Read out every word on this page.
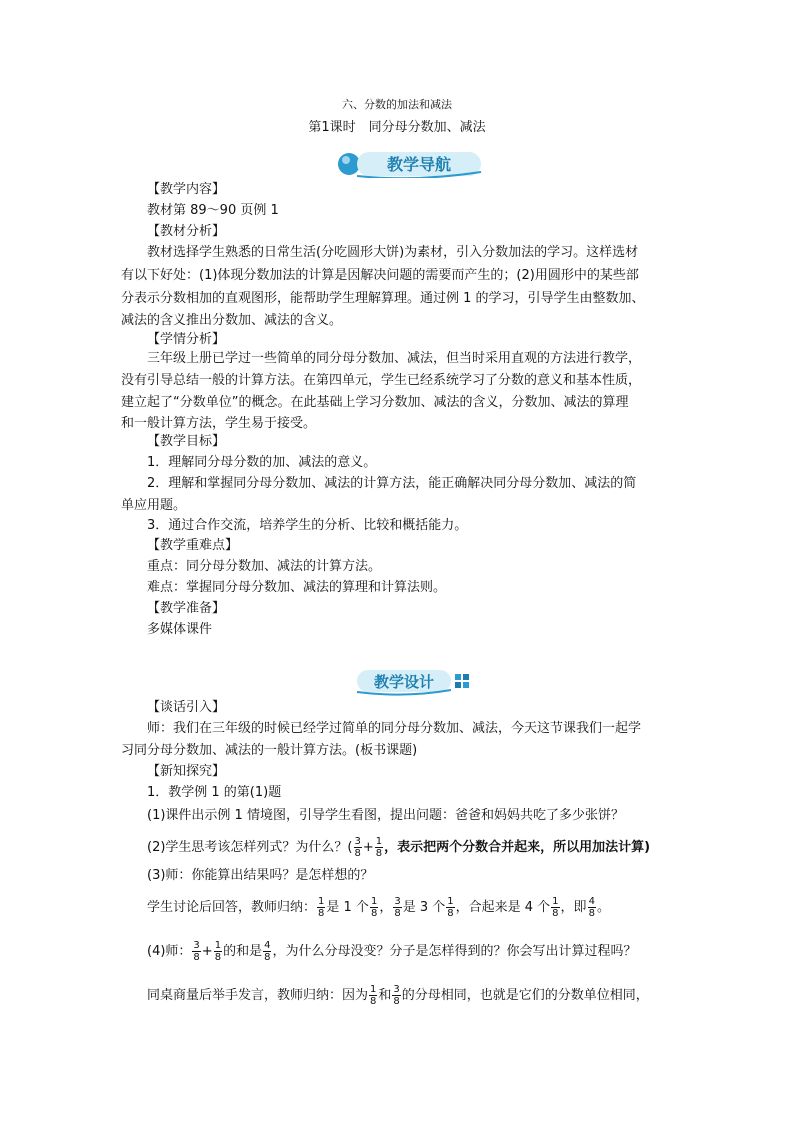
六、分数的加法和减法
第1课时　同分母分数加、减法
教学导航
【教学内容】
教材第 89～90 页例 1
【教材分析】
教材选择学生熟悉的日常生活(分吃圆形大饼)为素材，引入分数加法的学习。这样选材
有以下好处：(1)体现分数加法的计算是因解决问题的需要而产生的；(2)用圆形中的某些部
分表示分数相加的直观图形，能帮助学生理解算理。通过例 1 的学习，引导学生由整数加、
减法的含义推出分数加、减法的含义。
【学情分析】
三年级上册已学过一些简单的同分母分数加、减法，但当时采用直观的方法进行教学，
没有引导总结一般的计算方法。在第四单元，学生已经系统学习了分数的意义和基本性质，
建立起了“分数单位”的概念。在此基础上学习分数加、减法的含义，分数加、减法的算理
和一般计算方法，学生易于接受。
【教学目标】
1．理解同分母分数的加、减法的意义。
2．理解和掌握同分母分数加、减法的计算方法，能正确解决同分母分数加、减法的简
单应用题。
3．通过合作交流，培养学生的分析、比较和概括能力。
【教学重难点】
重点：同分母分数加、减法的计算方法。
难点：掌握同分母分数加、减法的算理和计算法则。
【教学准备】
多媒体课件
教学设计
【谈话引入】
师：我们在三年级的时候已经学过简单的同分母分数加、减法，今天这节课我们一起学
习同分母分数加、减法的一般计算方法。(板书课题)
【新知探究】
1．教学例 1 的第(1)题
(1)课件出示例 1 情境图，引导学生看图，提出问题：爸爸和妈妈共吃了多少张饼？
(2)学生思考该怎样列式？为什么？( $\frac{3}{8} + \frac{1}{8}$ ，表示把两个分数合并起来，所以用加法计算)
(3)师：你能算出结果吗？是怎样想的？
学生讨论后回答，教师归纳： $\frac{1}{8}$ 是 1 个 $\frac{1}{8}$ ， $\frac{3}{8}$ 是 3 个 $\frac{1}{8}$ ，合起来是 4 个 $\frac{1}{8}$ ，即 $\frac{4}{8}$ 。
(4)师： $\frac{3}{8} + \frac{1}{8}$ 的和是 $\frac{4}{8}$ ，为什么分母没变？分子是怎样得到的？你会写出计算过程吗？
同桌商量后举手发言，教师归纳：因为 $\frac{1}{8}$ 和 $\frac{3}{8}$ 的分母相同，也就是它们的分数单位相同，
